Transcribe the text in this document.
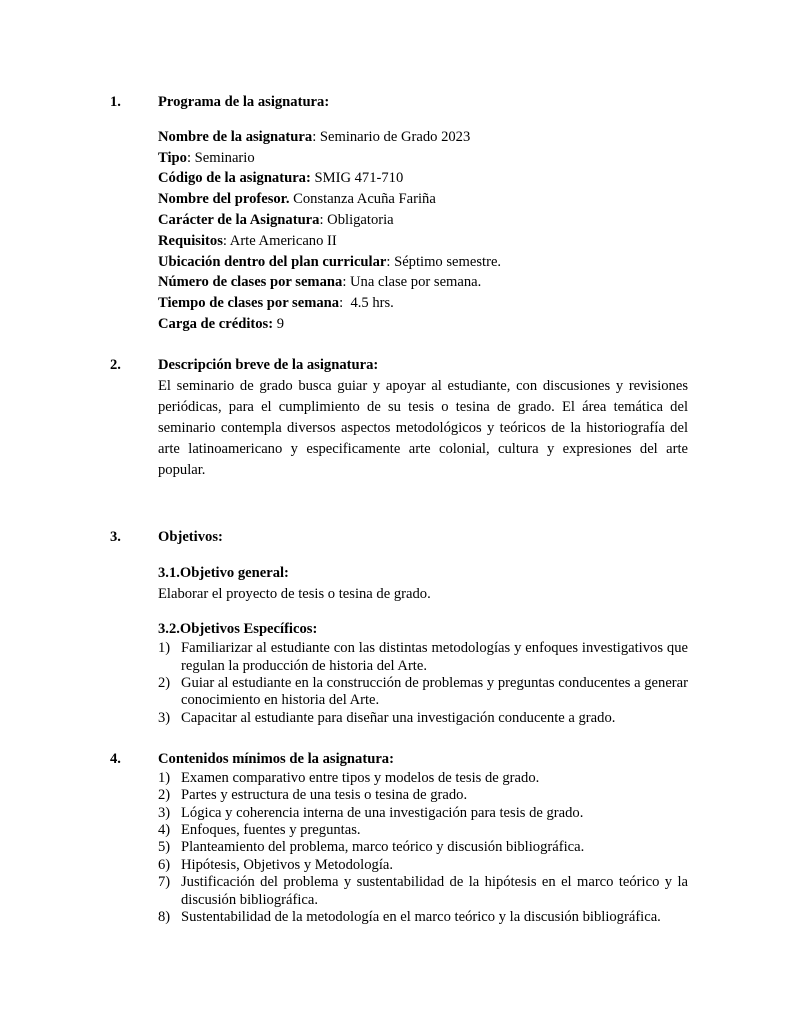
1.	Programa de la asignatura:
Nombre de la asignatura: Seminario de Grado 2023
Tipo: Seminario
Código de la asignatura: SMIG 471-710
Nombre del profesor. Constanza Acuña Fariña
Carácter de la Asignatura: Obligatoria
Requisitos: Arte Americano II
Ubicación dentro del plan curricular: Séptimo semestre.
Número de clases por semana: Una clase por semana.
Tiempo de clases por semana:  4.5 hrs.
Carga de créditos: 9
2.	Descripción breve de la asignatura:
El seminario de grado busca guiar y apoyar al estudiante, con discusiones y revisiones periódicas, para el cumplimiento de su tesis o tesina de grado. El área temática del seminario contempla diversos aspectos metodológicos y teóricos de la historiografía del arte latinoamericano y especificamente arte colonial, cultura y expresiones del arte popular.
3.	Objetivos:
3.1.Objetivo general:
Elaborar el proyecto de tesis o tesina de grado.
3.2.Objetivos Específicos:
1) Familiarizar al estudiante con las distintas metodologías y enfoques investigativos que regulan la producción de historia del Arte.
2) Guiar al estudiante en la construcción de problemas y preguntas conducentes a generar conocimiento en historia del Arte.
3) Capacitar al estudiante para diseñar una investigación conducente a grado.
4.	Contenidos mínimos de la asignatura:
1) Examen comparativo entre tipos y modelos de tesis de grado.
2) Partes y estructura de una tesis o tesina de grado.
3) Lógica y coherencia interna de una investigación para tesis de grado.
4) Enfoques, fuentes y preguntas.
5) Planteamiento del problema, marco teórico y discusión bibliográfica.
6) Hipótesis, Objetivos y Metodología.
7) Justificación del problema y sustentabilidad de la hipótesis en el marco teórico y la discusión bibliográfica.
8) Sustentabilidad de la metodología en el marco teórico y la discusión bibliográfica.
